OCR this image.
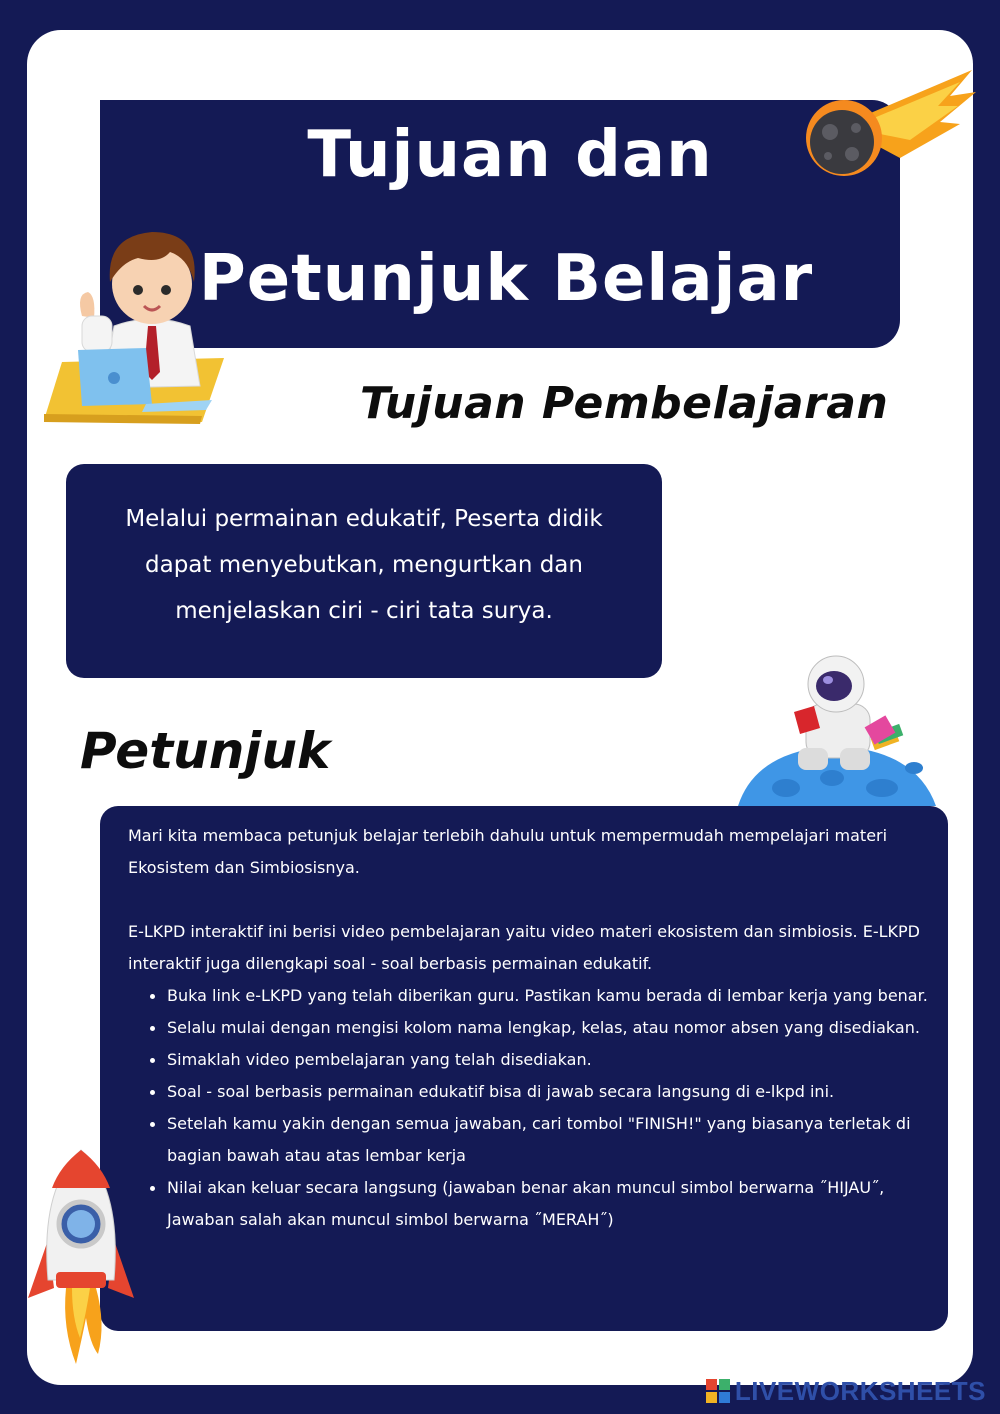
Tujuan dan
Petunjuk Belajar
Tujuan Pembelajaran
Melalui permainan edukatif, Peserta didik
dapat menyebutkan, mengurtkan dan
menjelaskan ciri - ciri tata surya.
Petunjuk

Mari kita membaca petunjuk belajar terlebih dahulu untuk mempermudah mempelajari materi Ekosistem dan Simbiosisnya.

E-LKPD interaktif ini berisi video pembelajaran yaitu video materi ekosistem dan simbiosis. E-LKPD interaktif juga dilengkapi soal - soal berbasis permainan edukatif.

• Buka link e-LKPD yang telah diberikan guru. Pastikan kamu berada di lembar kerja yang benar.
• Selalu mulai dengan mengisi kolom nama lengkap, kelas, atau nomor absen yang disediakan.
• Simaklah video pembelajaran yang telah disediakan.
• Soal - soal berbasis permainan edukatif bisa di jawab secara langsung di e-lkpd ini.
• Setelah kamu yakin dengan semua jawaban, cari tombol "FINISH!" yang biasanya terletak di bagian bawah atau atas lembar kerja
• Nilai akan keluar secara langsung (jawaban benar akan muncul simbol berwarna ˝HIJAU˝, Jawaban salah akan muncul simbol berwarna ˝MERAH˝)
LIVEWORKSHEETS
